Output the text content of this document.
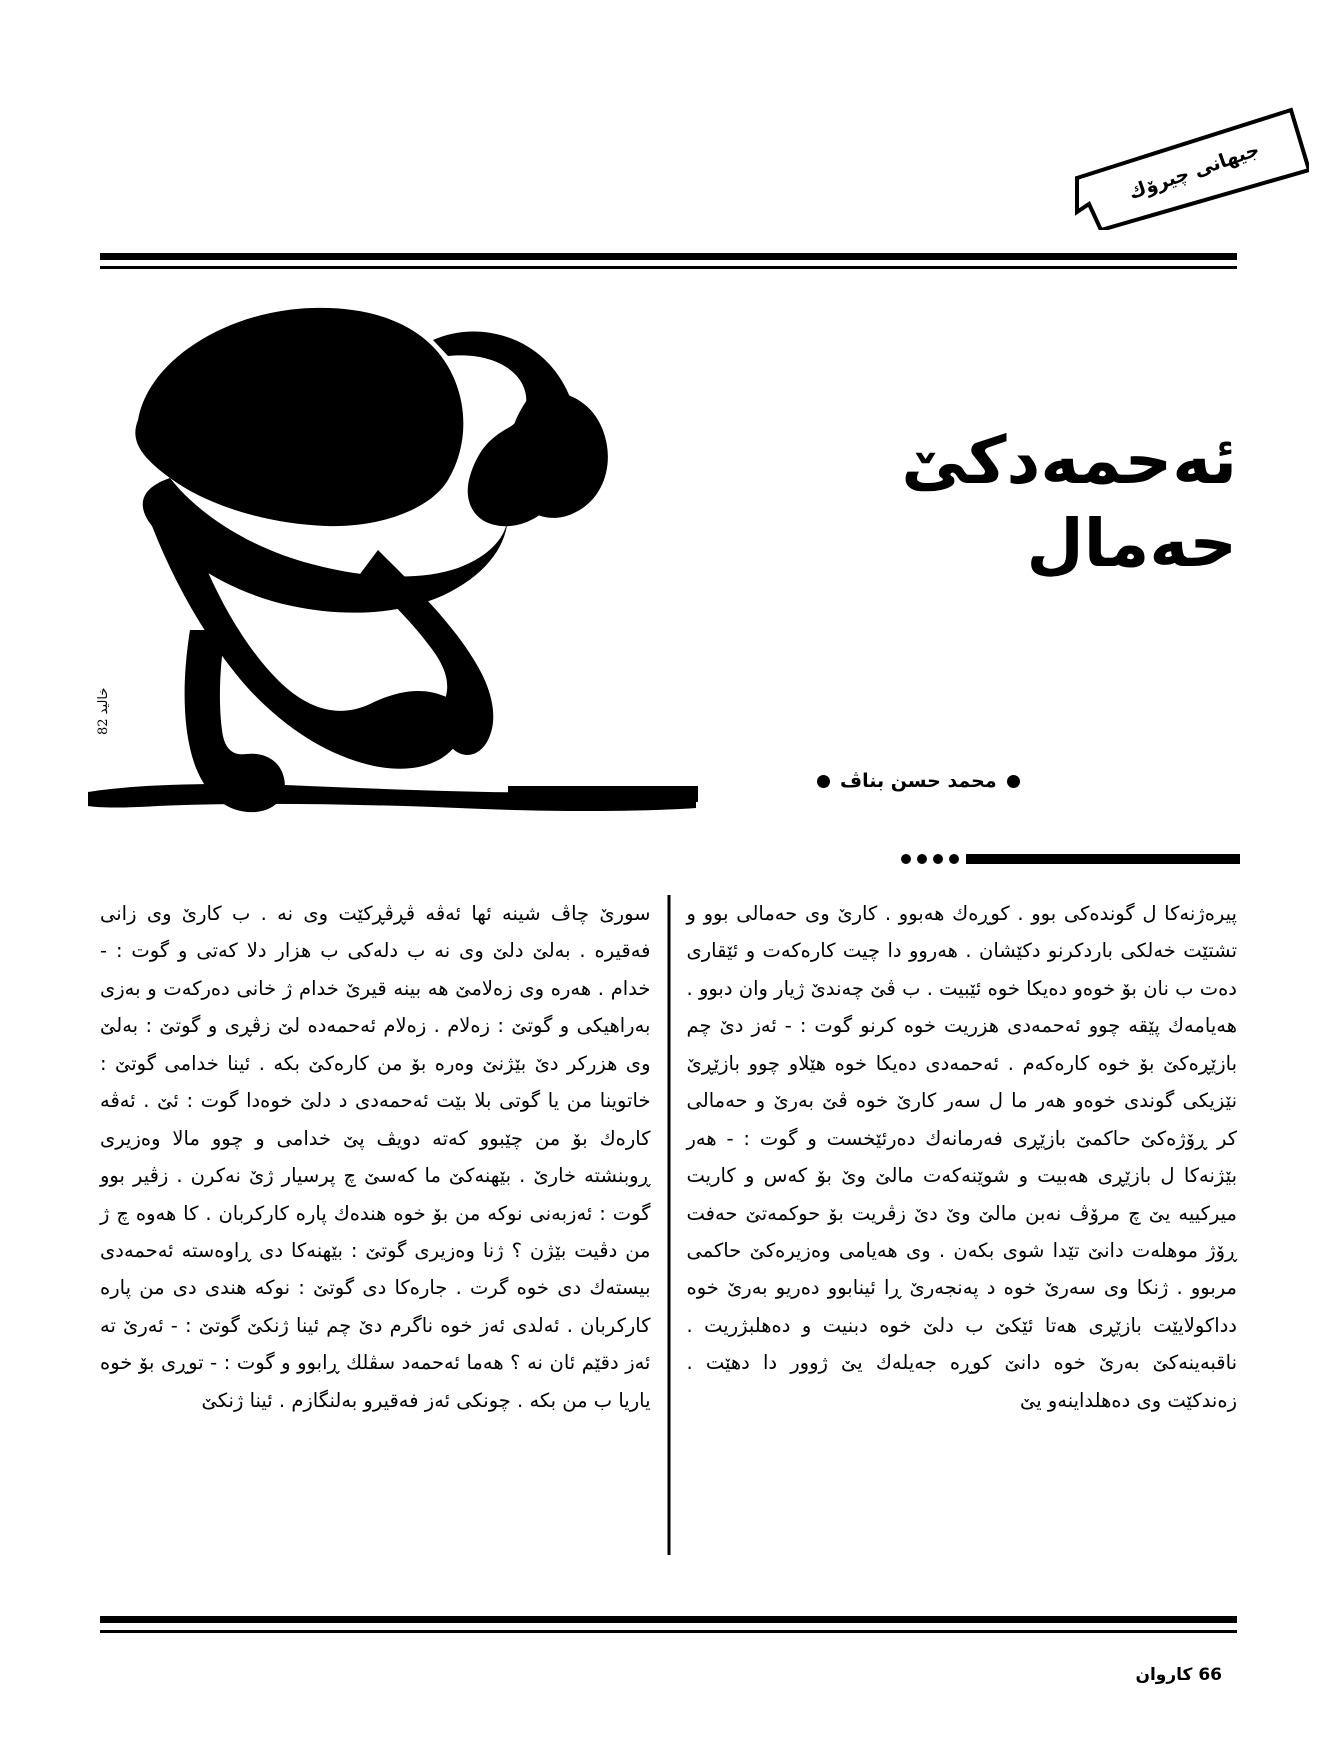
جیهانی چیرۆك
خاليد 82
ئەحمەدكێ
حەمال
محمد حسن بناڤ

پیرەژنەكا ل گوندەكی بوو . كوڕەك هەبوو . كارێ وی حەمالی بوو و تشتێت خەلكی باردكرنو دكێشان . هەروو دا چیت كارەكەت و ئێقاری دەت ب نان بۆ خوەو دەیكا خوە ئێبیت . ب ڤێ چەندێ ژیار وان دبوو . هەیامەك پێقە چوو ئەحمەدی هزریت خوە كرنو گوت : - ئەز دێ چم بازێڕەكێ بۆ خوە كارەكەم . ئەحمەدی دەیكا خوە هێلاو چوو بازێڕێ نێزیكی گوندی خوەو هەر ما ل سەر كارێ خوە ڤێ بەرێ و حەمالی كر ڕۆژەكێ حاكمێ بازێڕی فەرمانەك دەرئێخست و گوت : - هەر بێژنەكا ل بازێڕی هەبیت و شوێنەكەت مالێ وێ بۆ كەس و كاریت میركییە یێ چ مرۆڤ نەبن مالێ وێ دێ زڤریت بۆ حوكمەتێ حەفت ڕۆژ موهلەت دانێ تێدا شوی بكەن . وی هەیامی وەزیرەكێ حاكمی مربوو . ژنكا وی سەرێ خوە د پەنجەرێ ڕا ئینابوو دەریو بەرێ خوە دداكولایێت بازێڕی هەتا ئێكێ ب دلێ خوە دبنیت و دەهلبژریت . ناقبەینەكێ بەرێ خوە دانێ كوڕە جەیلەك یێ ژوور دا دهێت . زەندكێت وی دەهلداینەو یێ

سورێ چاڤ شینە ئها ئەڤە ڤڕڤڕكێت وی نە . ب كارێ وی زانی فەقیرە . بەلێ دلێ وی نە ب دلەكی ب هزار دلا كەتی و گوت : - خدام . هەرە وی زەلامێ هە بینە قیرێ خدام ژ خانی دەركەت و بەزی بەراهیكی و گوتێ : زەلام . زەلام ئەحمەدە لێ زڤڕی و گوتێ : بەلێ وی هزركر دێ بێژنێ وەرە بۆ من كارەكێ بكە . ئینا خدامی گوتێ : خاتوینا من یا گوتی بلا بێت ئەحمەدی د دلێ خوەدا گوت : ئێ . ئەڤە كارەك بۆ من چێبوو كەتە دویڤ پێ خدامی و چوو مالا وەزیری ڕوبنشتە خارێ . بێهنەكێ ما كەسێ چ پرسیار ژێ نەكرن . زڤیر بوو گوت : ئەزبەنی نوكە من بۆ خوە هندەك پارە كاركربان . كا هەوە چ ژ من دڤیت بێژن ؟ ژنا وەزیری گوتێ : بێهنەكا دی ڕاوەستە ئەحمەدی بیستەك دی خوە گرت . جارەكا دی گوتێ : نوكە هندی دی من پارە كاركربان . ئەلدی ئەز خوە ناگرم دێ چم ئینا ژنكێ گوتێ : - ئەرێ تە ئەز دقێم ئان نە ؟ هەما ئەحمەد سڤلك ڕابوو و گوت : - توڕی بۆ خوە یاریا ب من بكە . چونكی ئەز فەقیرو بەلنگازم . ئینا ژنكێ

66 كاروان
